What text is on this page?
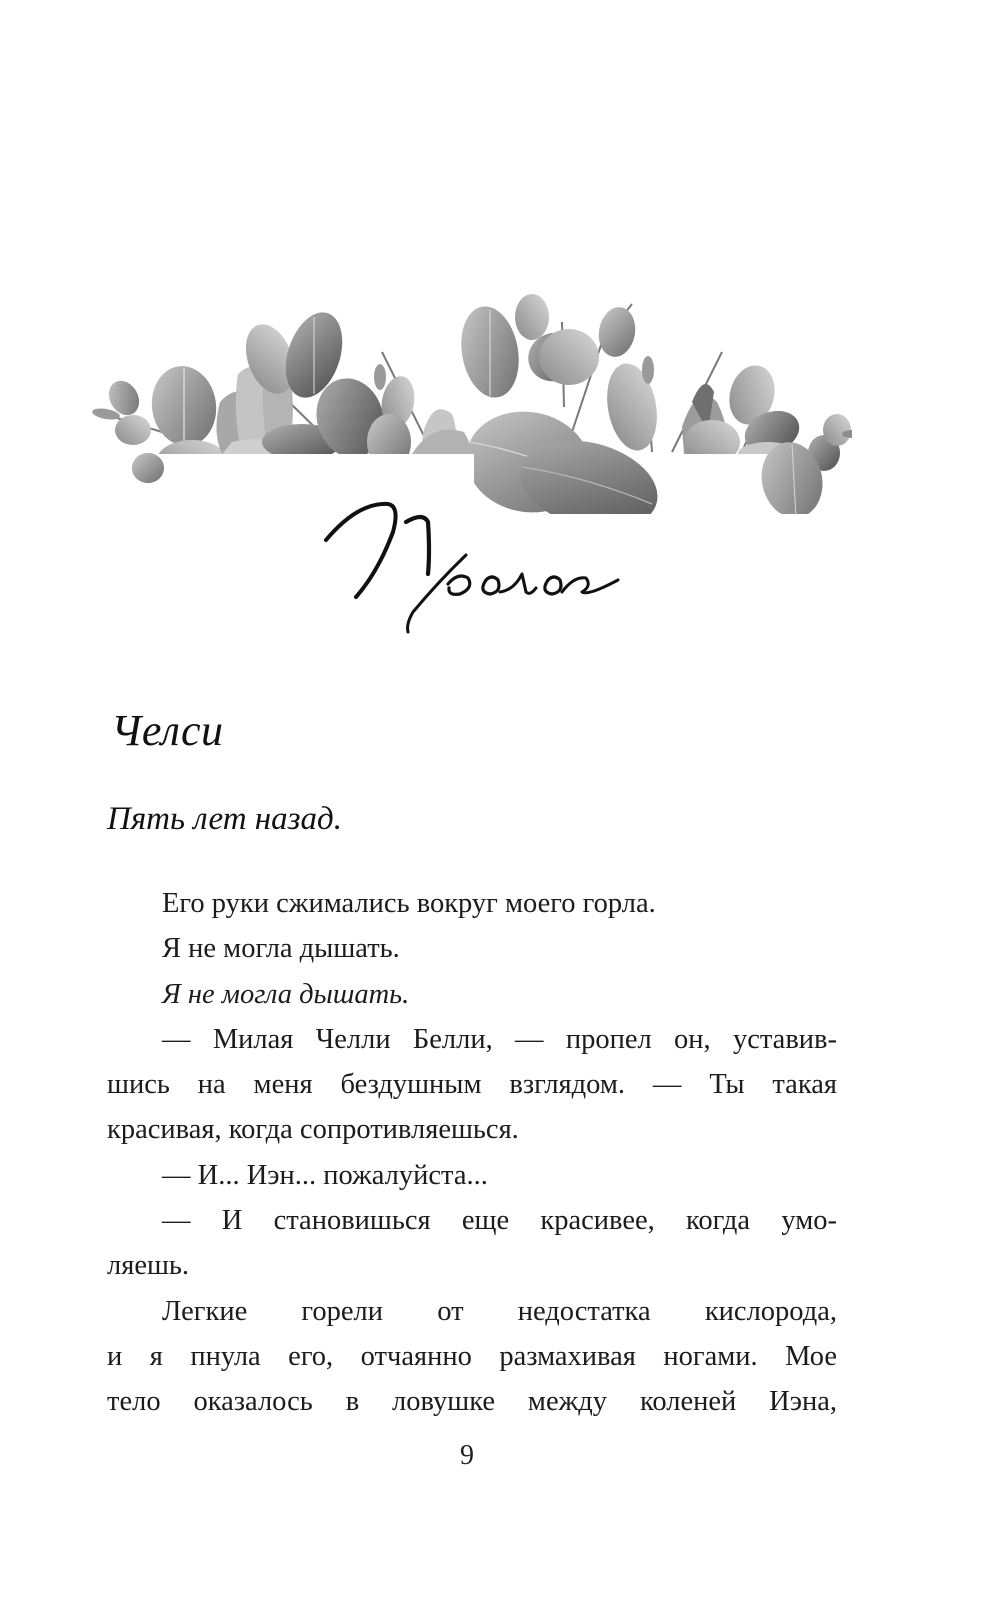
Челси
Пять лет назад.

Его руки сжимались вокруг моего горла.

Я не могла дышать.

Я не могла дышать.

— Милая Челли Белли, — пропел он, уставив-

шись на меня бездушным взглядом. — Ты такая

красивая, когда сопротивляешься.

— И... Иэн... пожалуйста...

— И становишься еще красивее, когда умо-

ляешь.

Легкие горели от недостатка кислорода,

и я пнула его, отчаянно размахивая ногами. Мое

тело оказалось в ловушке между коленей Иэна,

9
